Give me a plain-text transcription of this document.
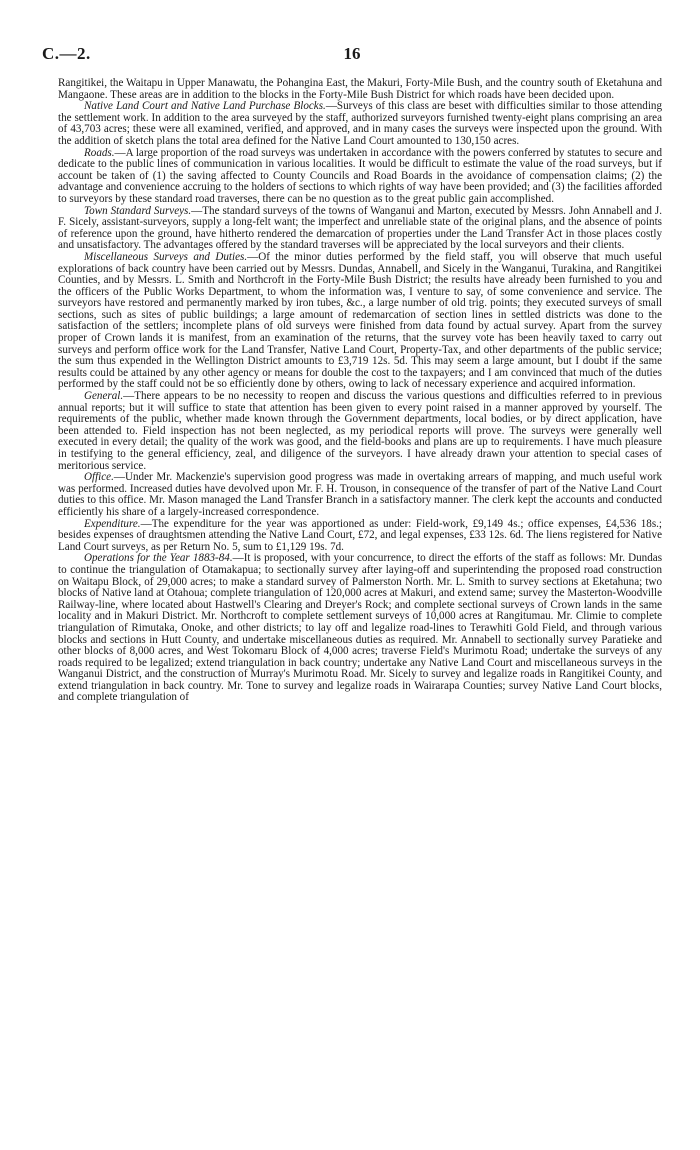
C.—2.	16

Rangitikei, the Waitapu in Upper Manawatu, the Pohangina East, the Makuri, Forty-Mile Bush, and the country south of Eketahuna and Mangaone. These areas are in addition to the blocks in the Forty-Mile Bush District for which roads have been decided upon.

Native Land Court and Native Land Purchase Blocks.—Surveys of this class are beset with difficulties similar to those attending the settlement work. In addition to the area surveyed by the staff, authorized surveyors furnished twenty-eight plans comprising an area of 43,703 acres; these were all examined, verified, and approved, and in many cases the surveys were inspected upon the ground. With the addition of sketch plans the total area defined for the Native Land Court amounted to 130,150 acres.

Roads.—A large proportion of the road surveys was undertaken in accordance with the powers conferred by statutes to secure and dedicate to the public lines of communication in various localities. It would be difficult to estimate the value of the road surveys, but if account be taken of (1) the saving affected to County Councils and Road Boards in the avoidance of compensation claims; (2) the advantage and convenience accruing to the holders of sections to which rights of way have been provided; and (3) the facilities afforded to surveyors by these standard road traverses, there can be no question as to the great public gain accomplished.

Town Standard Surveys.—The standard surveys of the towns of Wanganui and Marton, executed by Messrs. John Annabell and J. F. Sicely, assistant-surveyors, supply a long-felt want; the imperfect and unreliable state of the original plans, and the absence of points of reference upon the ground, have hitherto rendered the demarcation of properties under the Land Transfer Act in those places costly and unsatisfactory. The advantages offered by the standard traverses will be appreciated by the local surveyors and their clients.

Miscellaneous Surveys and Duties.—Of the minor duties performed by the field staff, you will observe that much useful explorations of back country have been carried out by Messrs. Dundas, Annabell, and Sicely in the Wanganui, Turakina, and Rangitikei Counties, and by Messrs. L. Smith and Northcroft in the Forty-Mile Bush District; the results have already been furnished to you and the officers of the Public Works Department, to whom the information was, I venture to say, of some convenience and service. The surveyors have restored and permanently marked by iron tubes, &c., a large number of old trig. points; they executed surveys of small sections, such as sites of public buildings; a large amount of redemarcation of section lines in settled districts was done to the satisfaction of the settlers; incomplete plans of old surveys were finished from data found by actual survey. Apart from the survey proper of Crown lands it is manifest, from an examination of the returns, that the survey vote has been heavily taxed to carry out surveys and perform office work for the Land Transfer, Native Land Court, Property-Tax, and other departments of the public service; the sum thus expended in the Wellington District amounts to £3,719 12s. 5d. This may seem a large amount, but I doubt if the same results could be attained by any other agency or means for double the cost to the taxpayers; and I am convinced that much of the duties performed by the staff could not be so efficiently done by others, owing to lack of necessary experience and acquired information.

General.—There appears to be no necessity to reopen and discuss the various questions and difficulties referred to in previous annual reports; but it will suffice to state that attention has been given to every point raised in a manner approved by yourself. The requirements of the public, whether made known through the Government departments, local bodies, or by direct application, have been attended to. Field inspection has not been neglected, as my periodical reports will prove. The surveys were generally well executed in every detail; the quality of the work was good, and the field-books and plans are up to requirements. I have much pleasure in testifying to the general efficiency, zeal, and diligence of the surveyors. I have already drawn your attention to special cases of meritorious service.

Office.—Under Mr. Mackenzie's supervision good progress was made in overtaking arrears of mapping, and much useful work was performed. Increased duties have devolved upon Mr. F. H. Trouson, in consequence of the transfer of part of the Native Land Court duties to this office. Mr. Mason managed the Land Transfer Branch in a satisfactory manner. The clerk kept the accounts and conducted efficiently his share of a largely-increased correspondence.

Expenditure.—The expenditure for the year was apportioned as under: Field-work, £9,149 4s.; office expenses, £4,536 18s.; besides expenses of draughtsmen attending the Native Land Court, £72, and legal expenses, £33 12s. 6d. The liens registered for Native Land Court surveys, as per Return No. 5, sum to £1,129 19s. 7d.

Operations for the Year 1883-84.—It is proposed, with your concurrence, to direct the efforts of the staff as follows: Mr. Dundas to continue the triangulation of Otamakapua; to sectionally survey after laying-off and superintending the proposed road construction on Waitapu Block, of 29,000 acres; to make a standard survey of Palmerston North. Mr. L. Smith to survey sections at Eketahuna; two blocks of Native land at Otahoua; complete triangulation of 120,000 acres at Makuri, and extend same; survey the Masterton-Woodville Railway-line, where located about Hastwell's Clearing and Dreyer's Rock; and complete sectional surveys of Crown lands in the same locality and in Makuri District. Mr. Northcroft to complete settlement surveys of 10,000 acres at Rangitumau. Mr. Climie to complete triangulation of Rimutaka, Onoke, and other districts; to lay off and legalize road-lines to Terawhiti Gold Field, and through various blocks and sections in Hutt County, and undertake miscellaneous duties as required. Mr. Annabell to sectionally survey Paratieke and other blocks of 8,000 acres, and West Tokomaru Block of 4,000 acres; traverse Field's Murimotu Road; undertake the surveys of any roads required to be legalized; extend triangulation in back country; undertake any Native Land Court and miscellaneous surveys in the Wanganui District, and the construction of Murray's Murimotu Road. Mr. Sicely to survey and legalize roads in Rangitikei County, and extend triangulation in back country. Mr. Tone to survey and legalize roads in Wairarapa Counties; survey Native Land Court blocks, and complete triangulation of
